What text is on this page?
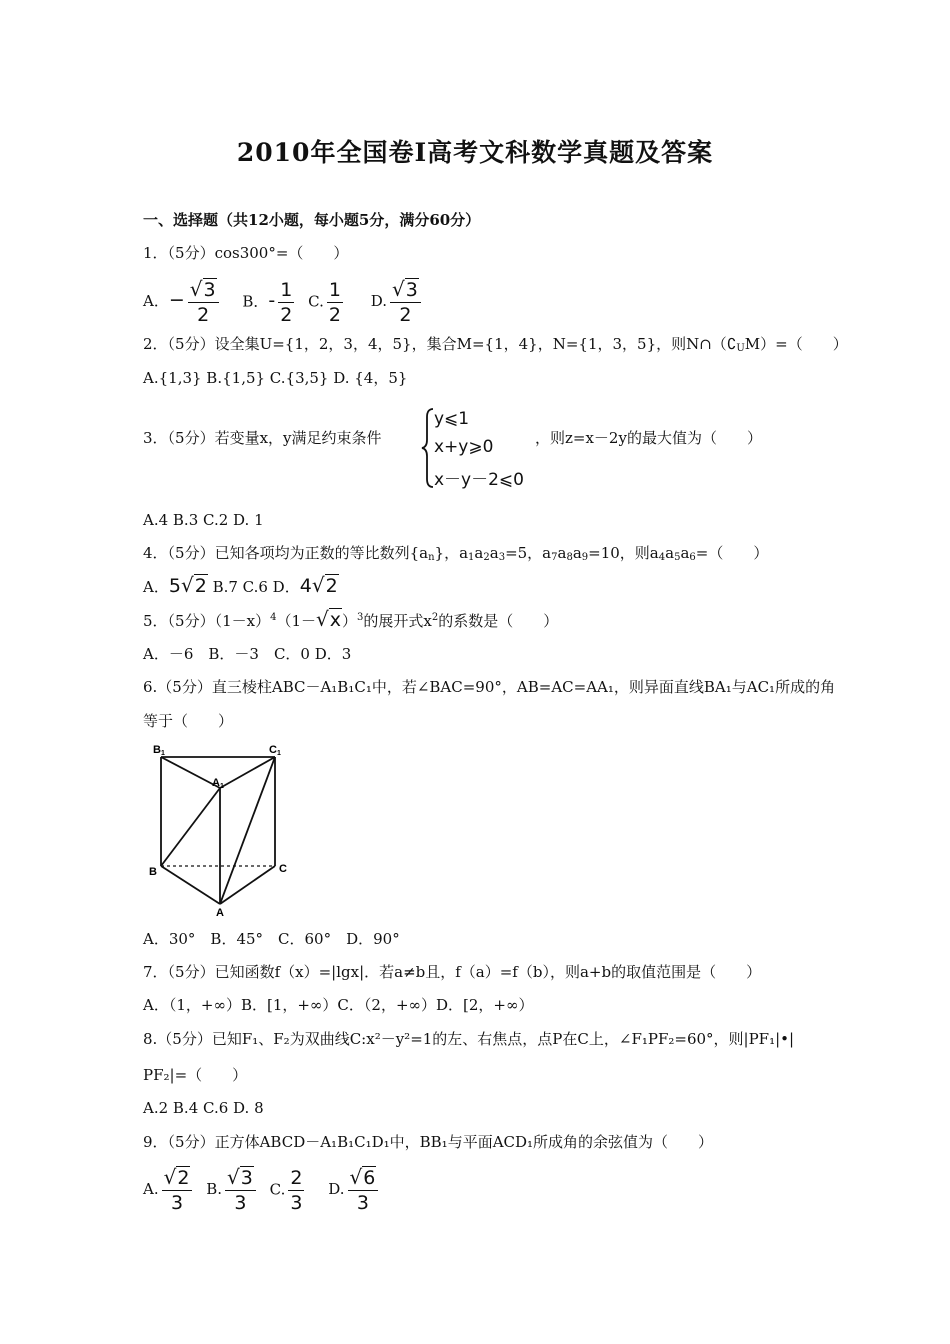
2010年全国卷Ⅰ高考文科数学真题及答案
一、选择题（共12小题，每小题5分，满分60分）
1．（5分）cos300°=（　　）
A．− $\frac{√3}{2}$ B．- $\frac{1}{2} C$. $\frac{1}{2} D$. $\frac{√3}{2}$
2．（5分）设全集U={1，2，3，4，5}，集合M={1，4}，N={1，3，5}，则$N\cap(∁_UM)=$（　　）
A.{1,3} B.{1,5} C.{3,5} D. {4，5}
3．（5分）若变量x，y满足约束条件
y⩽1
x+y⩾0
x－y－2⩽0
，则z=x－2y的最大值为（　　）
A.4 B.3 C.2 D. 1
4．（5分）已知各项均为正数的等比数列$\{a_n\}$，$a_1a_2a_3=5$，$a_7a_8a_9=10$，则$a_4a_5a_6=$（　　）
A．5√2 B.7 C.6 D．4√2
5．（5分）$(1-x)^4(1-√x)^3$的展开式$x^2$的系数是（　　）
A．－6　B．－3　C．0 D．3
6.（5分）直三棱柱ABC－A₁B₁C₁中，若∠BAC=90°，AB=AC=AA₁，则异面直线BA₁与AC₁所成的角
等于（　　）
B 1	C 1
A 1
B	C
A
A．30°　B．45°　C．60°　D．90°
7．（5分）已知函数f（x）=|lgx|．若a≠b且，f（a）=f（b），则a+b的取值范围是（　　）
A．（1，+∞）B．[1，+∞）C．（2，+∞）D．[2，+∞）
8.（5分）已知F₁、F₂为双曲线C:x²－y²=1的左、右焦点，点P在C上，∠F₁PF₂=60°，则|PF₁|•|
PF₂|=（　　）
A.2 B.4 C.6 D. 8
9．（5分）正方体ABCD－A₁B₁C₁D₁中，BB₁与平面ACD₁所成角的余弦值为（　　）
A. $\frac{√2}{3} B$. $\frac{√3}{3} C$. $\frac{2}{3} D$. $\frac{√6}{3}$
